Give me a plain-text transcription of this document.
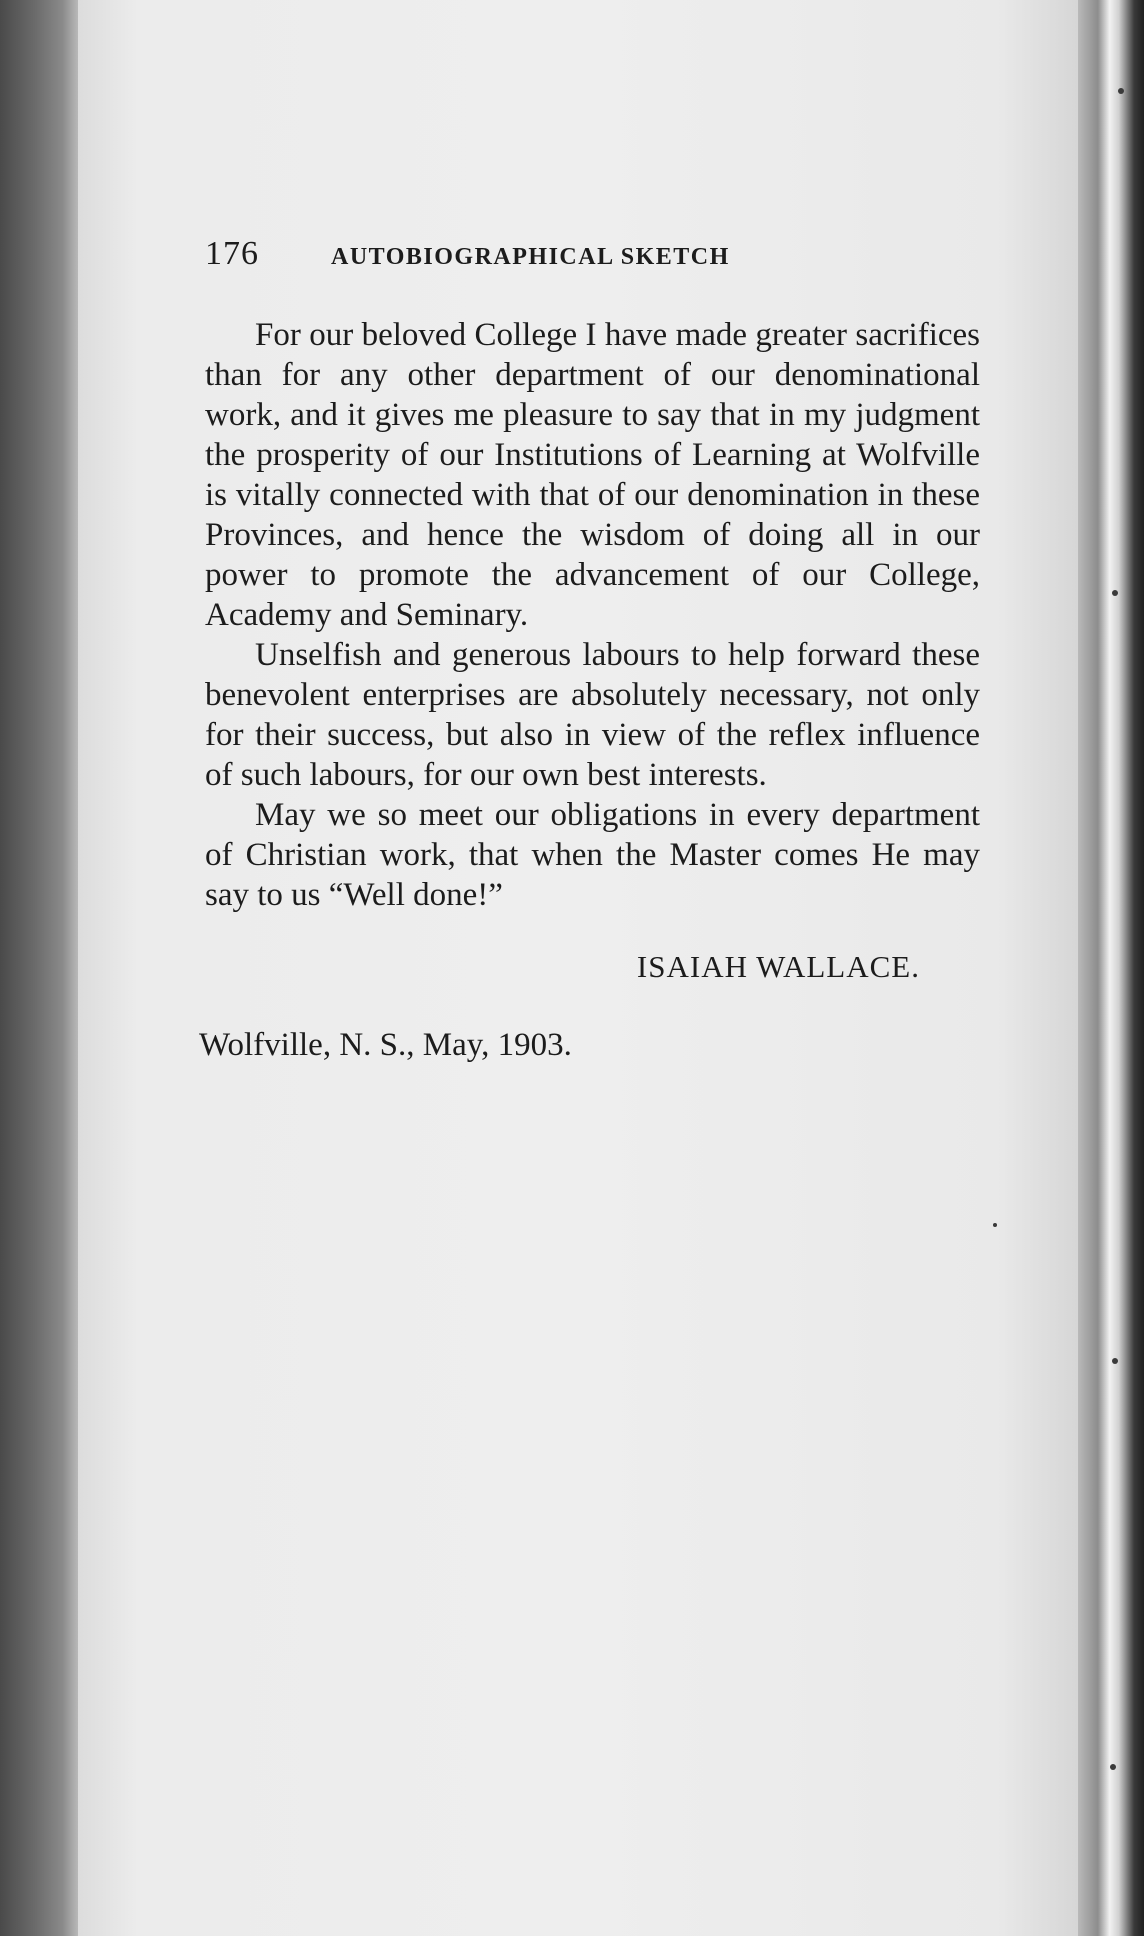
176	AUTOBIOGRAPHICAL SKETCH

For our beloved College I have made greater sacrifices than for any other department of our denominational work, and it gives me pleasure to say that in my judgment the prosperity of our Institutions of Learning at Wolfville is vitally connected with that of our denomination in these Provinces, and hence the wisdom of doing all in our power to promote the advancement of our College, Academy and Seminary.

Unselfish and generous labours to help forward these benevolent enterprises are absolutely necessary, not only for their success, but also in view of the reflex influence of such labours, for our own best interests.

May we so meet our obligations in every department of Christian work, that when the Master comes He may say to us “Well done!”

ISAIAH WALLACE.
Wolfville, N. S., May, 1903.
